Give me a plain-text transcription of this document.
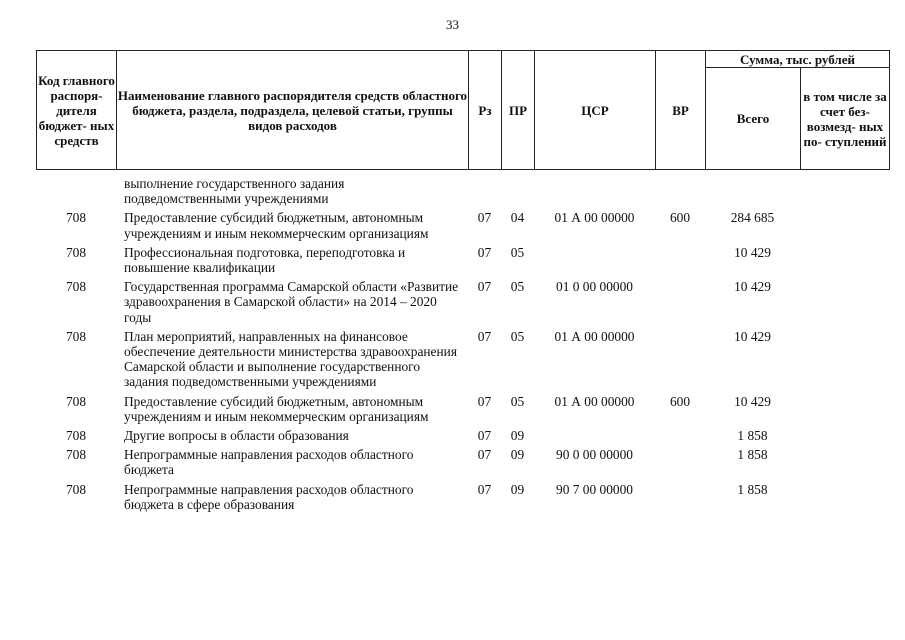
33
Код главного распоря- дителя бюджет- ных средств	Наименование главного распорядителя средств областного бюджета, раздела, подраздела, целевой статьи, группы видов расходов	Рз	ПР	ЦСР	ВР	Сумма, тыс. рублей	
						Всего	в том числе за счет без- возмезд- ных по- ступлений
	выполнение государственного задания подведомственными учреждениями						
708	Предоставление субсидий бюджетным, автономным учреждениям и иным некоммерческим организациям	07	04	01 А 00 00000	600	284 685	
708	Профессиональная подготовка, переподготовка и повышение квалификации	07	05			10 429	
708	Государственная программа Самарской области «Развитие здравоохранения в Самарской области» на 2014 – 2020 годы	07	05	01 0 00 00000		10 429	
708	План мероприятий, направленных на финансовое обеспечение деятельности министерства здравоохранения Самарской области и выполнение государственного задания подведомственными учреждениями	07	05	01 А 00 00000		10 429	
708	Предоставление субсидий бюджетным, автономным учреждениям и иным некоммерческим организациям	07	05	01 А 00 00000	600	10 429	
708	Другие вопросы в области образования	07	09			1 858	
708	Непрограммные направления расходов областного бюджета	07	09	90 0 00 00000		1 858	
708	Непрограммные направления расходов областного бюджета в сфере образования	07	09	90 7 00 00000		1 858	
